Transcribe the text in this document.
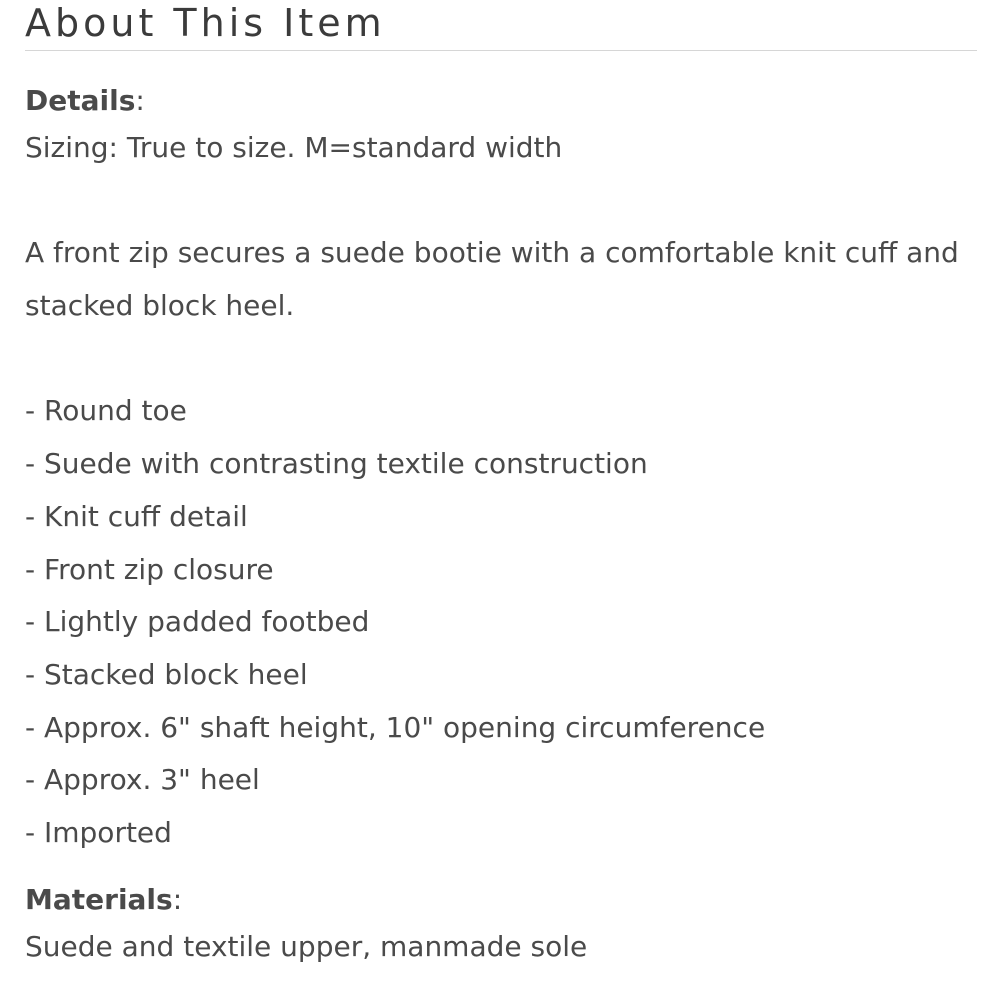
About This Item
Details:
Sizing: True to size. M=standard width
A front zip secures a suede bootie with a comfortable knit cuff and stacked block heel.
- Round toe
- Suede with contrasting textile construction
- Knit cuff detail
- Front zip closure
- Lightly padded footbed
- Stacked block heel
- Approx. 6" shaft height, 10" opening circumference
- Approx. 3" heel
- Imported
Materials:
Suede and textile upper, manmade sole
